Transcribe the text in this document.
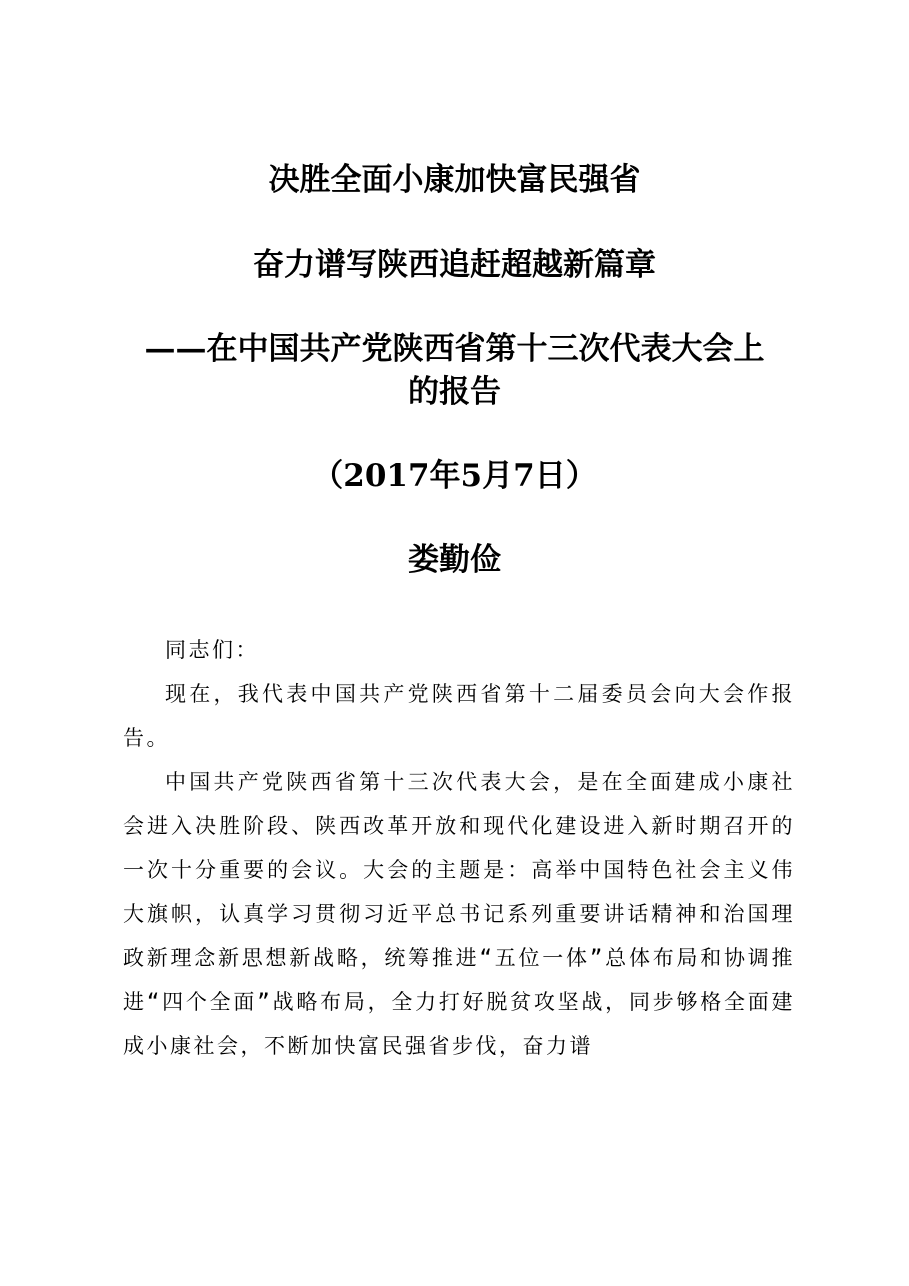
决胜全面小康加快富民强省
奋力谱写陕西追赶超越新篇章
——在中国共产党陕西省第十三次代表大会上
的报告
（2017年5月7日）
娄勤俭

同志们：

现在，我代表中国共产党陕西省第十二届委员会向大会作报告。

中国共产党陕西省第十三次代表大会，是在全面建成小康社会进入决胜阶段、陕西改革开放和现代化建设进入新时期召开的一次十分重要的会议。大会的主题是：高举中国特色社会主义伟大旗帜，认真学习贯彻习近平总书记系列重要讲话精神和治国理政新理念新思想新战略，统筹推进“五位一体”总体布局和协调推进“四个全面”战略布局，全力打好脱贫攻坚战，同步够格全面建成小康社会，不断加快富民强省步伐，奋力谱
